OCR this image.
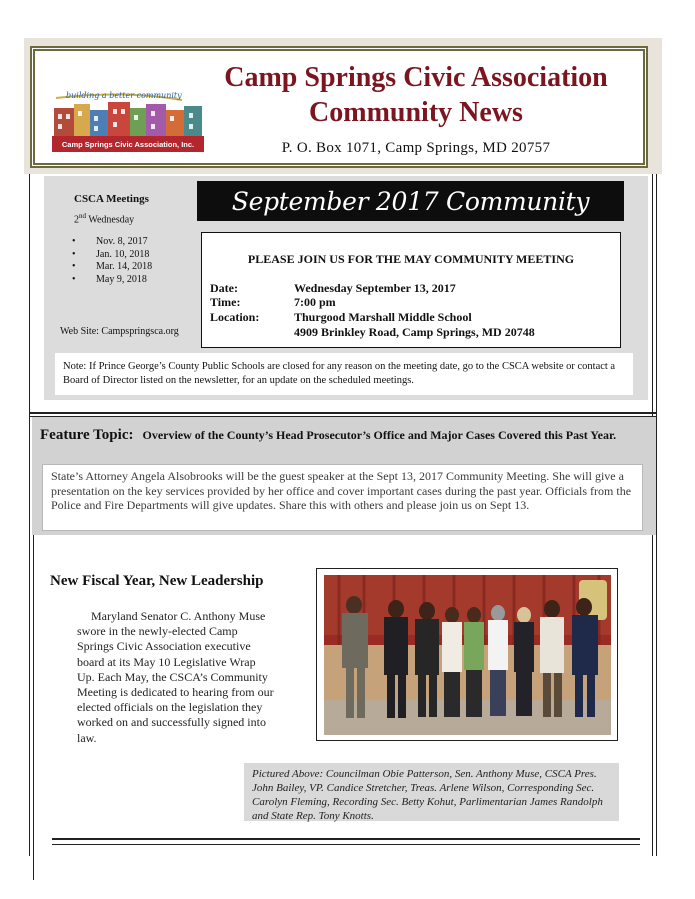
building a better community
Camp Springs Civic Association, Inc.
Camp Springs Civic Association
Community News
P. O. Box 1071, Camp Springs, MD 20757
CSCA Meetings
2nd Wednesday
• Nov. 8, 2017
• Jan. 10, 2018
• Mar. 14, 2018
• May 9, 2018
Web Site: Campspringsca.org
September 2017 Community
PLEASE JOIN US FOR THE MAY COMMUNITY MEETING
Date:	Wednesday September 13, 2017
Time:	7:00 pm
Location:	Thurgood Marshall Middle School
4909 Brinkley Road, Camp Springs, MD 20748
Note: If Prince George’s County Public Schools are closed for any reason on the meeting date, go to the CSCA website or contact a Board of Director listed on the newsletter, for an update on the scheduled meetings.
Feature Topic: Overview of the County’s Head Prosecutor’s Office and Major Cases Covered this Past Year.
State’s Attorney Angela Alsobrooks will be the guest speaker at the Sept 13, 2017 Community Meeting. She will give a presentation on the key services provided by her office and cover important cases during the past year. Officials from the Police and Fire Departments will give updates. Share this with others and please join us on Sept 13.
New Fiscal Year, New Leadership
Maryland Senator C. Anthony Muse swore in the newly-elected Camp Springs Civic Association executive board at its May 10 Legislative Wrap Up. Each May, the CSCA’s Community Meeting is dedicated to hearing from our elected officials on the legislation they worked on and successfully signed into law.
Pictured Above: Councilman Obie Patterson, Sen. Anthony Muse, CSCA Pres. John Bailey, VP. Candice Stretcher, Treas. Arlene Wilson, Corresponding Sec. Carolyn Fleming, Recording Sec. Betty Kohut, Parlimentarian James Randolph and State Rep. Tony Knotts.
